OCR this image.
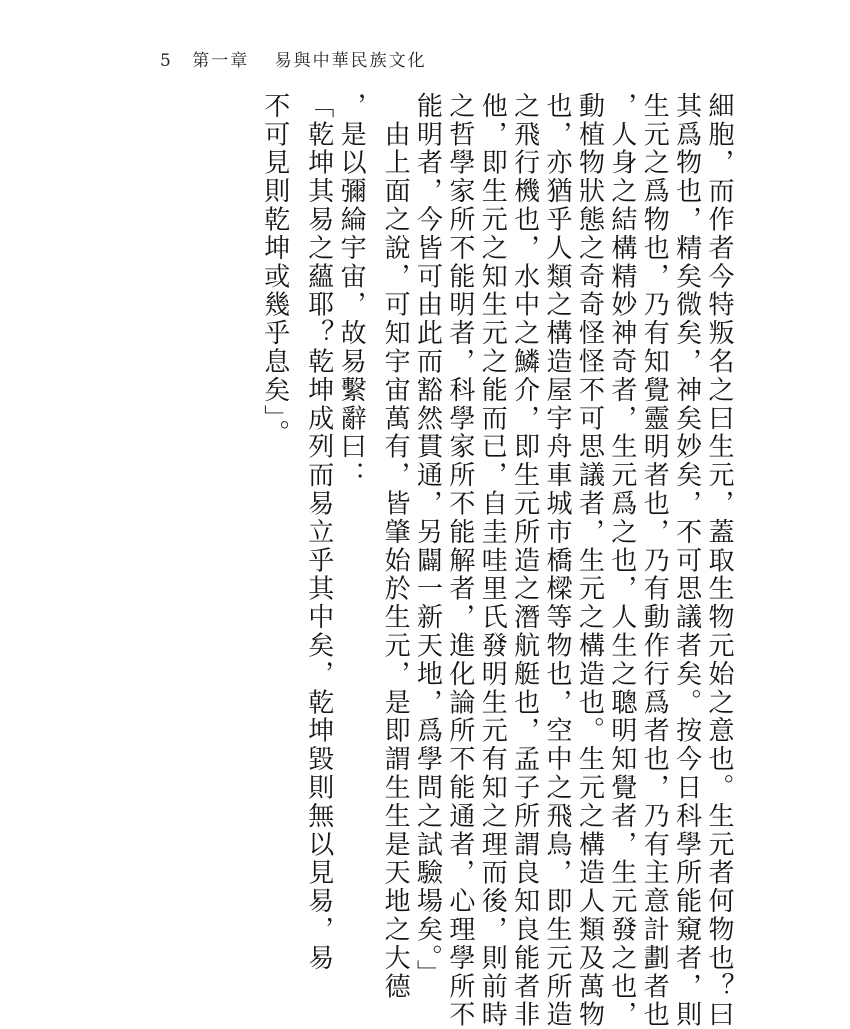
5 第一章 易與中華民族文化
細胞，而作者今特叛名之曰生元，蓋取生物元始之意也。生元者何物也？曰
其爲物也，精矣微矣，神矣妙矣，不可思議者矣。按今日科學所能窺者，則
生元之爲物也，乃有知覺靈明者也，乃有動作行爲者也，乃有主意計劃者也
，人身之結構精妙神奇者，生元爲之也，人生之聰明知覺者，生元發之也，
動植物狀態之奇奇怪怪不可思議者，生元之構造也。生元之構造人類及萬物
也，亦猶乎人類之構造屋宇舟車城市橋樑等物也，空中之飛鳥，即生元所造
之飛行機也，水中之鱗介，即生元所造之潛航艇也，孟子所謂良知良能者非
他，即生元之知生元之能而已，自圭哇里氏發明生元有知之理而後，則前時
之哲學家所不能明者，科學家所不能解者，進化論所不能通者，心理學所不
能明者，今皆可由此而豁然貫通，另闢一新天地，爲學問之試驗場矣。」
　由上面之說，可知宇宙萬有，皆肇始於生元，是即謂生生是天地之大德
，是以彌綸宇宙，故易繫辭曰：
「乾坤其易之蘊耶？乾坤成列而易立乎其中矣，乾坤毀則無以見易，易
不可見則乾坤或幾乎息矣」。
